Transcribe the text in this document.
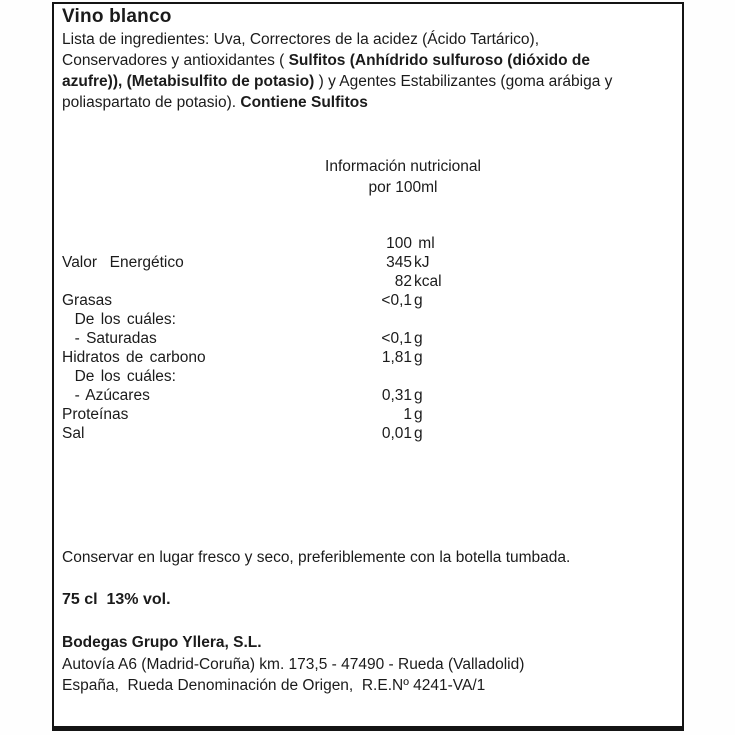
Vino blanco
Lista de ingredientes: Uva, Correctores de la acidez (Ácido Tartárico),
Conservadores y antioxidantes ( Sulfitos (Anhídrido sulfuroso (dióxido de
azufre)), (Metabisulfito de potasio) ) y Agentes Estabilizantes (goma arábiga y
poliaspartato de potasio). Contiene Sulfitos
Información nutricional
por 100ml
100 ml
Valor  Energético	345 kJ
82 kcal
Grasas	<0,1 g
De los cuáles:
- Saturadas	<0,1 g
Hidratos de carbono	1,81 g
De los cuáles:
- Azúcares	0,31 g
Proteínas	1 g
Sal	0,01 g
Conservar en lugar fresco y seco, preferiblemente con la botella tumbada.
75 cl  13% vol.
Bodegas Grupo Yllera, S.L.
Autovía A6 (Madrid-Coruña) km. 173,5 - 47490 - Rueda (Valladolid)
España,  Rueda Denominación de Origen,  R.E.Nº 4241-VA/1
